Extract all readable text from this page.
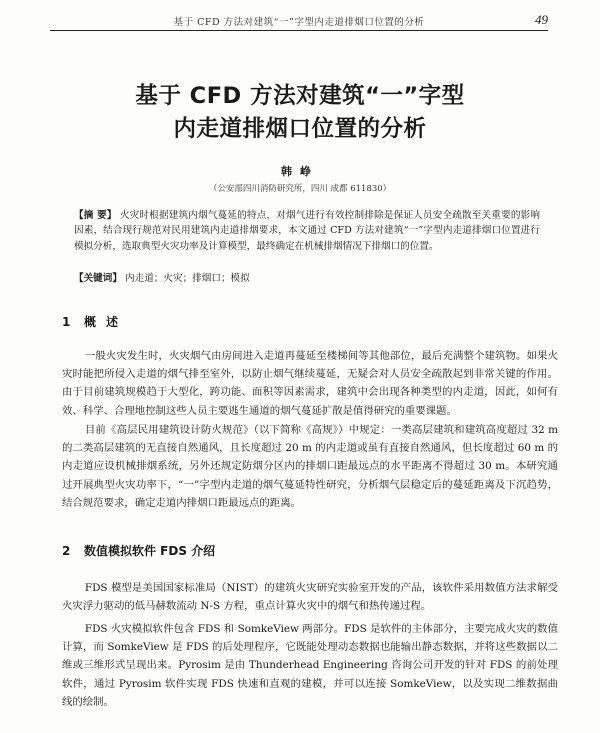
基于 CFD 方法对建筑“一”字型内走道排烟口位置的分析	49
基于 CFD 方法对建筑“一”字型
内走道排烟口位置的分析
韩峥
（公安部四川消防研究所，四川 成都 611830）
【摘 要】 火灾时根据建筑内烟气蔓延的特点，对烟气进行有效控制排除是保证人员安全疏散至关重要的影响因素，结合现行规范对民用建筑内走道排烟要求，本文通过 CFD 方法对建筑“一”字型内走道排烟口位置进行模拟分析，选取典型火灾功率及计算模型，最终确定在机械排烟情况下排烟口的位置。
【关键词】 内走道；火灾；排烟口；模拟
1 概述
一般火灾发生时，火灾烟气由房间进入走道再蔓延至楼梯间等其他部位，最后充满整个建筑物。如果火灾时能把所侵入走道的烟气排至室外，以防止烟气继续蔓延，无疑会对人员安全疏散起到非常关键的作用。由于目前建筑规模趋于大型化，跨功能、面积等因素需求，建筑中会出现各种类型的内走道，因此，如何有效、科学、合理地控制这些人员主要逃生通道的烟气蔓延扩散是值得研究的重要课题。
目前《高层民用建筑设计防火规范》（以下简称《高规》）中规定：一类高层建筑和建筑高度超过 32 m 的二类高层建筑的无直接自然通风，且长度超过 20 m 的内走道或虽有直接自然通风，但长度超过 60 m 的内走道应设机械排烟系统，另外还规定防烟分区内的排烟口距最远点的水平距离不得超过 30 m。本研究通过开展典型火灾功率下，“一”字型内走道的烟气蔓延特性研究，分析烟气层稳定后的蔓延距离及下沉趋势，结合规范要求，确定走道内排烟口距最远点的距离。
2 数值模拟软件 FDS 介绍
FDS 模型是美国国家标准局（NIST）的建筑火灾研究实验室开发的产品，该软件采用数值方法求解受火灾浮力驱动的低马赫数流动 N-S 方程，重点计算火灾中的烟气和热传递过程。
FDS 火灾模拟软件包含 FDS 和 SomkeView 两部分。FDS 是软件的主体部分，主要完成火灾的数值计算，而 SomkeView 是 FDS 的后处理程序，它既能处理动态数据也能输出静态数据，并将这些数据以二维或三维形式呈现出来。Pyrosim 是由 Thunderhead Engineering 咨询公司开发的针对 FDS 的前处理软件，通过 Pyrosim 软件实现 FDS 快速和直观的建模，并可以连接 SomkeView，以及实现二维数据曲线的绘制。
